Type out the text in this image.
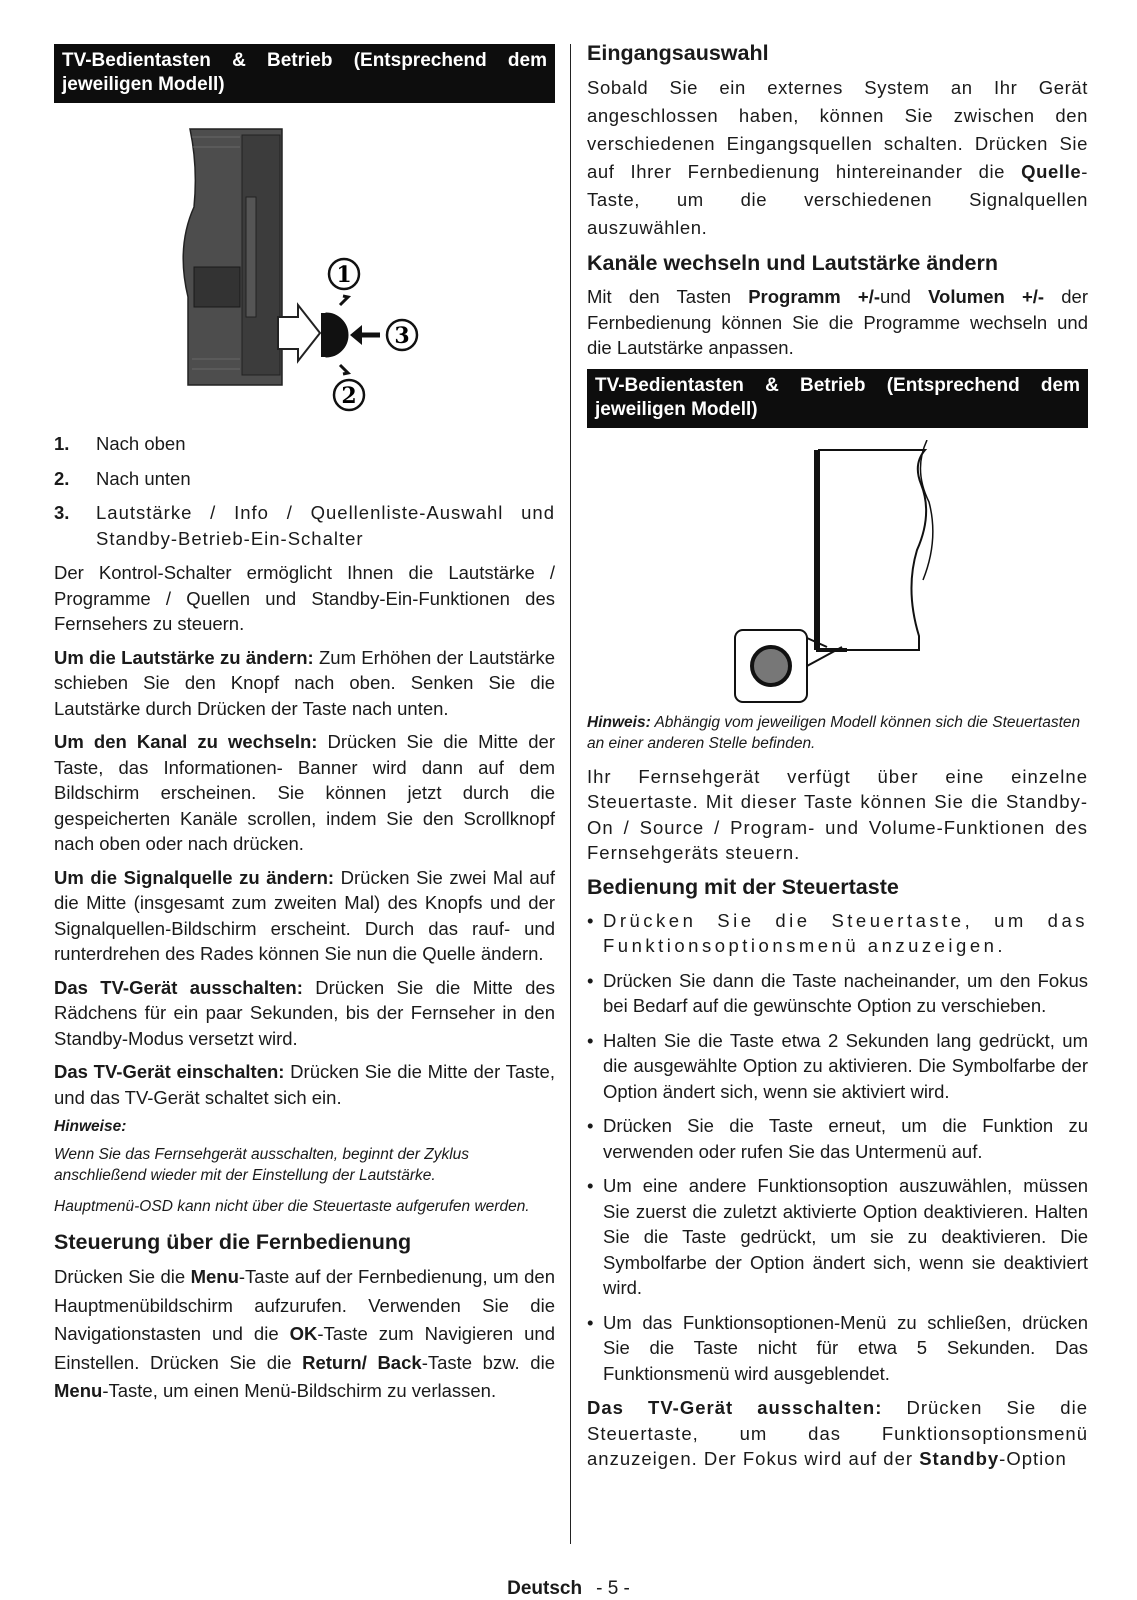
TV-Bedientasten & Betrieb (Entsprechend dem jeweiligen Modell)
1
3
2
1. Nach oben
2. Nach unten
3. Lautstärke / Info / Quellenliste-Auswahl und Standby-Betrieb-Ein-Schalter

Der Kontrol-Schalter ermöglicht Ihnen die Lautstärke / Programme / Quellen und Standby-Ein-Funktionen des Fernsehers zu steuern.

Um die Lautstärke zu ändern: Zum Erhöhen der Lautstärke schieben Sie den Knopf nach oben. Senken Sie die Lautstärke durch Drücken der Taste nach unten.

Um den Kanal zu wechseln: Drücken Sie die Mitte der Taste, das Informationen- Banner wird dann auf dem Bildschirm erscheinen. Sie können jetzt durch die gespeicherten Kanäle scrollen, indem Sie den Scrollknopf nach oben oder nach drücken.

Um die Signalquelle zu ändern: Drücken Sie zwei Mal auf die Mitte (insgesamt zum zweiten Mal) des Knopfs und der Signalquellen-Bildschirm erscheint. Durch das rauf- und runterdrehen des Rades können Sie nun die Quelle ändern.

Das TV-Gerät ausschalten: Drücken Sie die Mitte des Rädchens für ein paar Sekunden, bis der Fernseher in den Standby-Modus versetzt wird.

Das TV-Gerät einschalten: Drücken Sie die Mitte der Taste, und das TV-Gerät schaltet sich ein.

Hinweise:
Wenn Sie das Fernsehgerät ausschalten, beginnt der Zyklus anschließend wieder mit der Einstellung der Lautstärke.
Hauptmenü-OSD kann nicht über die Steuertaste aufgerufen werden.
Steuerung über die Fernbedienung

Drücken Sie die Menu-Taste auf der Fernbedienung, um den Hauptmenübildschirm aufzurufen. Verwenden Sie die Navigationstasten und die OK-Taste zum Navigieren und Einstellen. Drücken Sie die Return/ Back-Taste bzw. die Menu-Taste, um einen Menü-Bildschirm zu verlassen.

Eingangsauswahl

Sobald Sie ein externes System an Ihr Gerät angeschlossen haben, können Sie zwischen den verschiedenen Eingangsquellen schalten. Drücken Sie auf Ihrer Fernbedienung hintereinander die Quelle-Taste, um die verschiedenen Signalquellen auszuwählen.

Kanäle wechseln und Lautstärke ändern

Mit den Tasten Programm +/-und Volumen +/- der Fernbedienung können Sie die Programme wechseln und die Lautstärke anpassen.

TV-Bedientasten & Betrieb (Entsprechend dem jeweiligen Modell)
Hinweis: Abhängig vom jeweiligen Modell können sich die Steuertasten an einer anderen Stelle befinden.

Ihr Fernsehgerät verfügt über eine einzelne Steuertaste. Mit dieser Taste können Sie die Standby-On / Source / Program- und Volume-Funktionen des Fernsehgeräts steuern.

Bedienung mit der Steuertaste
• Drücken Sie die Steuertaste, um das Funktionsoptionsmenü anzuzeigen.
• Drücken Sie dann die Taste nacheinander, um den Fokus bei Bedarf auf die gewünschte Option zu verschieben.
• Halten Sie die Taste etwa 2 Sekunden lang gedrückt, um die ausgewählte Option zu aktivieren. Die Symbolfarbe der Option ändert sich, wenn sie aktiviert wird.
• Drücken Sie die Taste erneut, um die Funktion zu verwenden oder rufen Sie das Untermenü auf.
• Um eine andere Funktionsoption auszuwählen, müssen Sie zuerst die zuletzt aktivierte Option deaktivieren. Halten Sie die Taste gedrückt, um sie zu deaktivieren. Die Symbolfarbe der Option ändert sich, wenn sie deaktiviert wird.
• Um das Funktionsoptionen-Menü zu schließen, drücken Sie die Taste nicht für etwa 5 Sekunden. Das Funktionsmenü wird ausgeblendet.

Das TV-Gerät ausschalten: Drücken Sie die Steuertaste, um das Funktionsoptionsmenü anzuzeigen. Der Fokus wird auf der Standby-Option

Deutsch - 5 -
